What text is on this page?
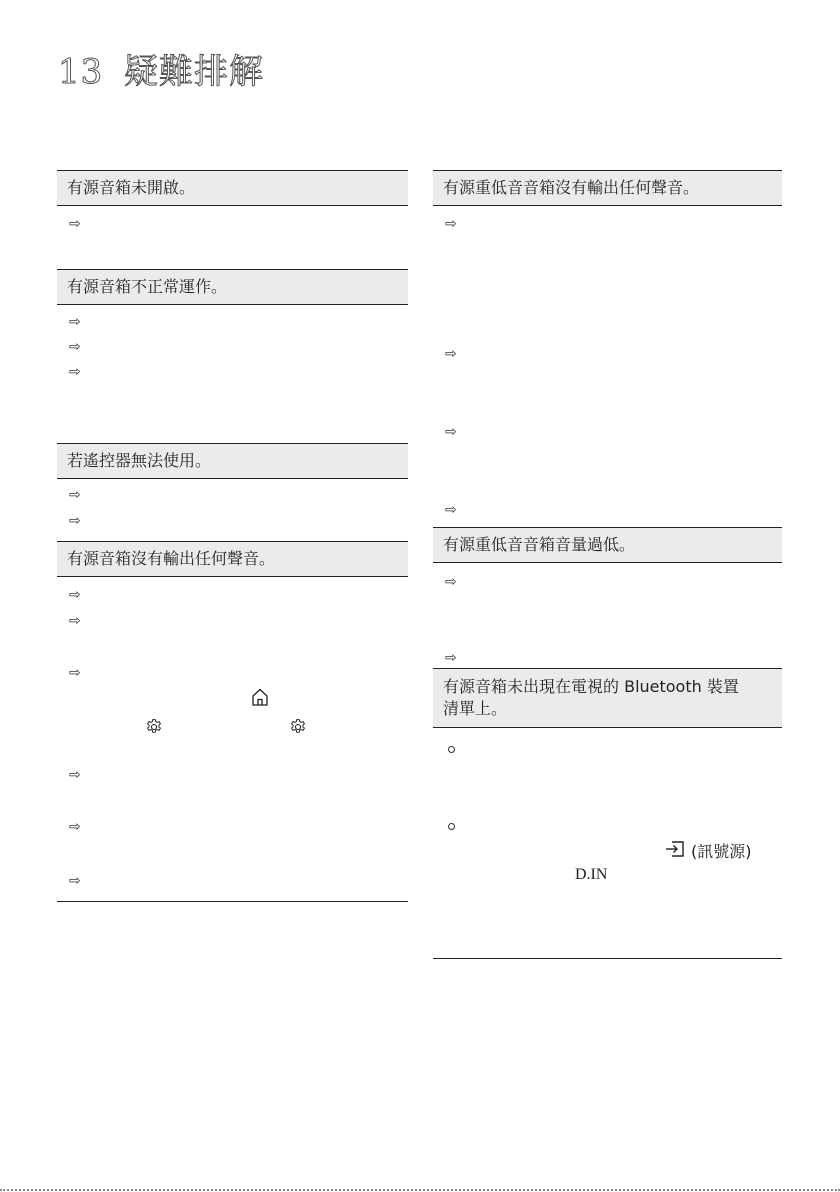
13 疑難排解
有源音箱未開啟。
⇨
有源音箱不正常運作。
⇨
⇨
⇨
若遙控器無法使用。
⇨
⇨
有源音箱沒有輸出任何聲音。
⇨
⇨
⇨
⇨
⇨
⇨
有源重低音音箱沒有輸出任何聲音。
⇨
⇨
⇨
⇨
有源重低音音箱音量過低。
⇨
⇨
有源音箱未出現在電視的 Bluetooth 裝置
清單上。
(訊號源)
D.IN
